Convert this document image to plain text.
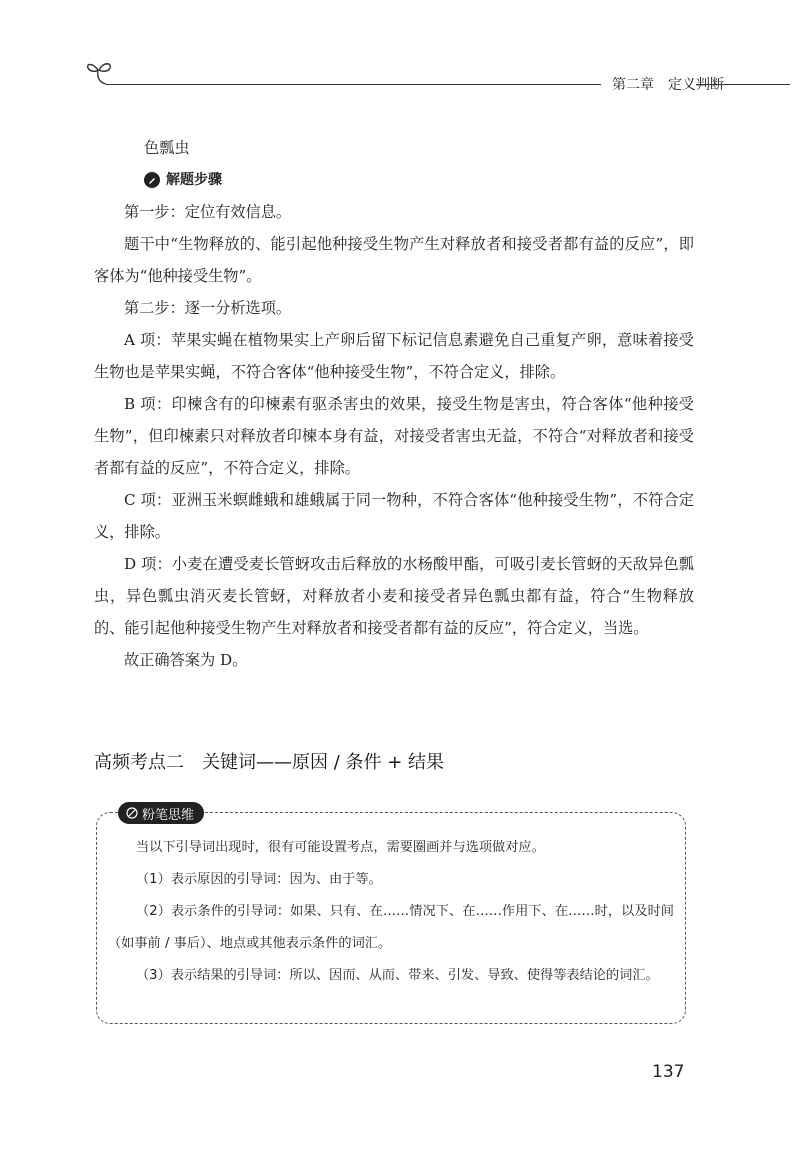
第二章　定义判断

色瓢虫

解题步骤

第一步：定位有效信息。

题干中“生物释放的、能引起他种接受生物产生对释放者和接受者都有益的反应”，即客体为“他种接受生物”。

第二步：逐一分析选项。

A 项：苹果实蝇在植物果实上产卵后留下标记信息素避免自己重复产卵，意味着接受生物也是苹果实蝇，不符合客体“他种接受生物”，不符合定义，排除。

B 项：印楝含有的印楝素有驱杀害虫的效果，接受生物是害虫，符合客体“他种接受生物”，但印楝素只对释放者印楝本身有益，对接受者害虫无益，不符合“对释放者和接受者都有益的反应”，不符合定义，排除。

C 项：亚洲玉米螟雌蛾和雄蛾属于同一物种，不符合客体“他种接受生物”，不符合定义，排除。

D 项：小麦在遭受麦长管蚜攻击后释放的水杨酸甲酯，可吸引麦长管蚜的天敌异色瓢虫，异色瓢虫消灭麦长管蚜，对释放者小麦和接受者异色瓢虫都有益，符合“生物释放的、能引起他种接受生物产生对释放者和接受者都有益的反应”，符合定义，当选。

故正确答案为 D。

高频考点二　关键词——原因 / 条件 + 结果
粉笔思维

当以下引导词出现时，很有可能设置考点，需要圈画并与选项做对应。

（1）表示原因的引导词：因为、由于等。

（2）表示条件的引导词：如果、只有、在……情况下、在……作用下、在……时，以及时间（如事前 / 事后）、地点或其他表示条件的词汇。

（3）表示结果的引导词：所以、因而、从而、带来、引发、导致、使得等表结论的词汇。

137
